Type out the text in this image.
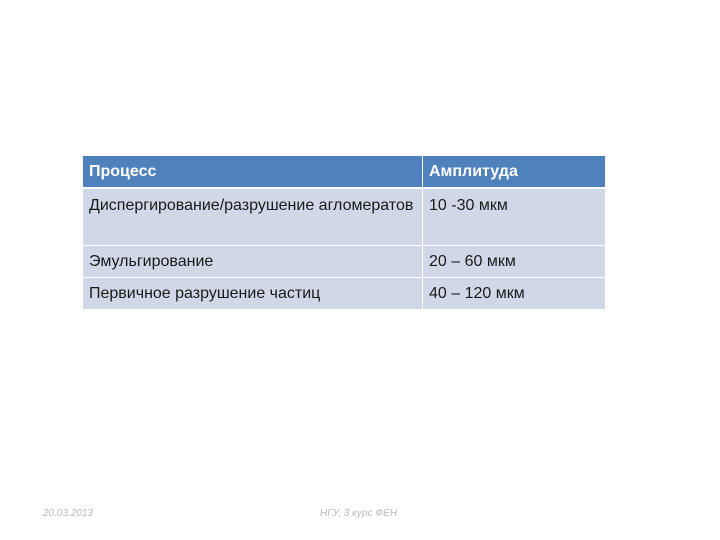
Процесс	Амплитуда
Диспергирование/разрушение агломератов 10 -30 мкм
Эмульгирование	20 – 60 мкм
Первичное разрушение частиц	40 – 120 мкм
20.03.2013	НГУ, 3 курс ФЕН
